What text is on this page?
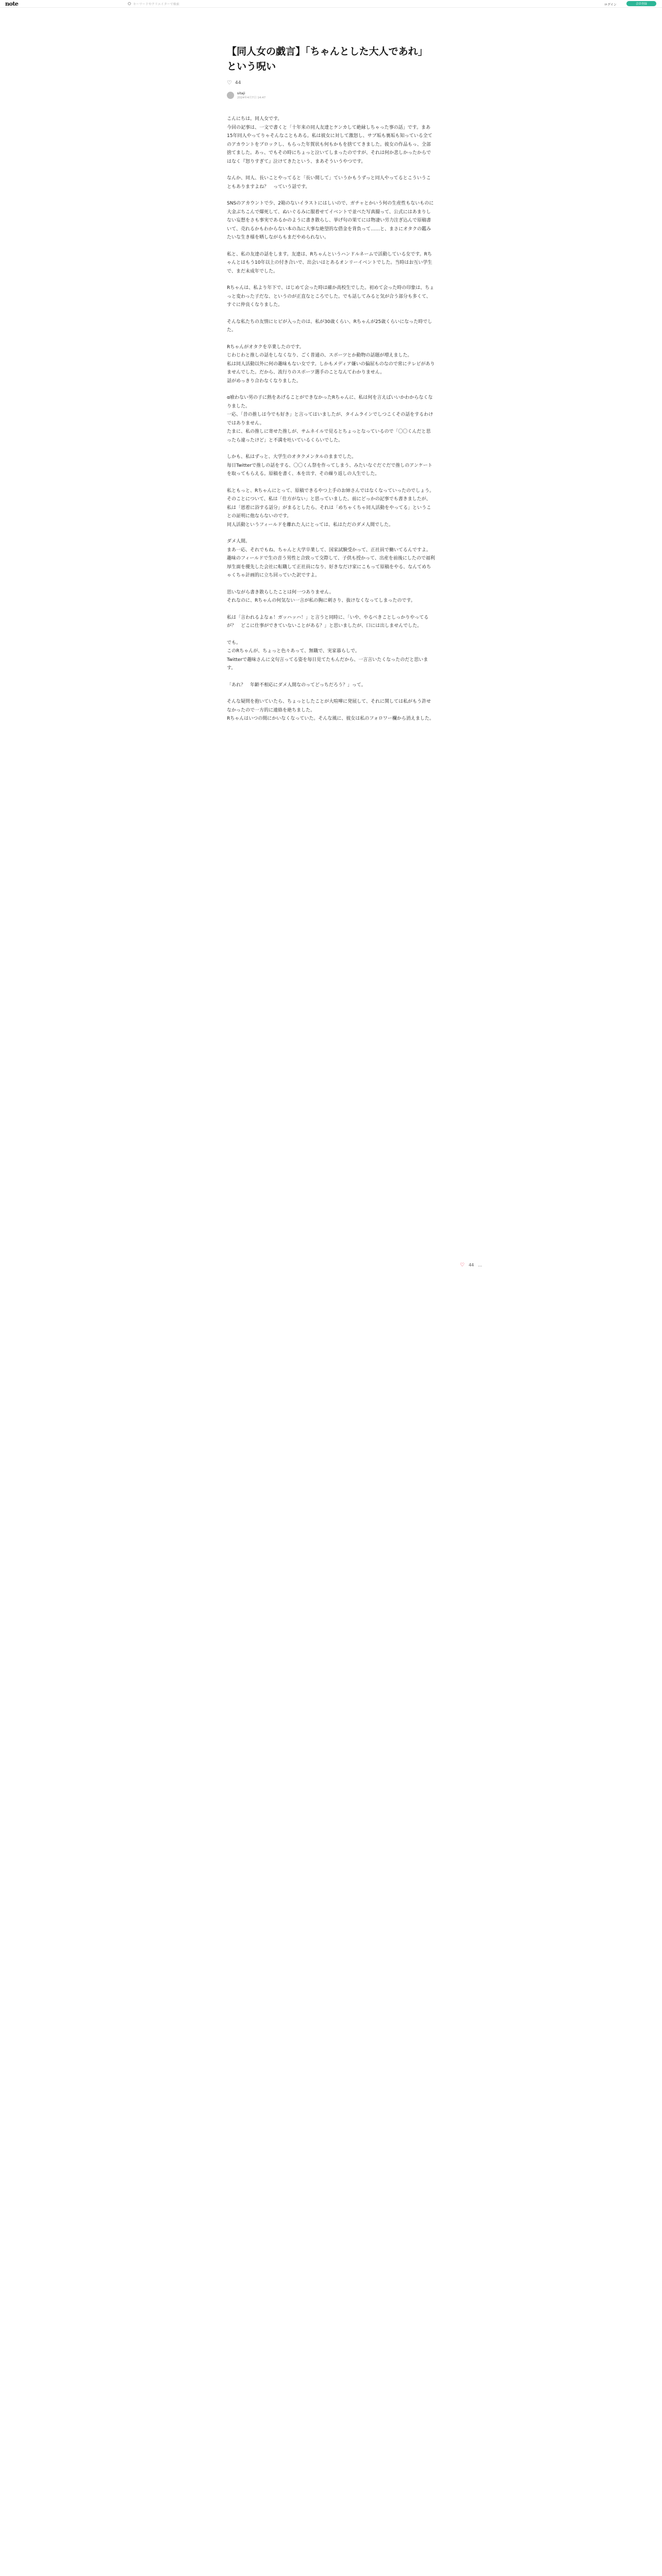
note	キーワードやクリエイターで検索	ログイン	会員登録
【同人女の戯言】「ちゃんとした大人であれ」という呪い
♡ 44
sitaji
2024年4月7日 14:47

こんにちは。同人女です。
今回の記事は、一文で書くと「十年来の同人友達とケンカして絶縁しちゃった事の話」です。まあ15年同人やってりゃそんなこともある。私は彼女に対して激怒し、サブ垢も裏垢も知っている全てのアカウントをブロックし、もらった年賀状も何もかもを捨ててきました。彼女の作品もっ、全部捨てました。あっ、でもその時にちょっと泣いてしまったのですが、それは何か悲しかったからではなく『怒りすぎて』泣けてきたという、まあそういうやつです。

なんか、同人、長いことやってると「長い間して」ていうかもうずっと同人やってるとこういうこともありますよね？　っていう話です。

SNSのアカウントで少、2箱のないイラストにはしいので、ガチャとかいう何の生産性もないものに大金ぶちこんで爆死して、ぬいぐるみに服着せてイベントで並べた写真撮って、公式にはあまりしない妄想をさも事実であるかのように書き散らし、挙げ句の果てには物凄い労力注ぎ込んで原稿書いて、売れるかもわからない本の為に大事な絶望的な借金を背負って……と、まさにオタクの鑑みたいな生き様を晒しながらもまだやめられない。

私と、私の友達の話をします。友達は、Rちゃんというハンドルネームで活動している女です。Rちゃんとはもう10年以上の付き合いで、出会いはとあるオンリーイベントでした。当時はお互い学生で、まだ未成年でした。

Rちゃんは、私より年下で、はじめて会った時は確か高校生でした。初めて会った時の印象は、ちょっと変わった子だな、というのが正直なところでした。でも話してみると気が合う部分も多くて、すぐに仲良くなりました。

そんな私たちの友情にヒビが入ったのは、私が30歳くらい、Rちゃんが25歳くらいになった時でした。

Rちゃんがオタクを卒業したのです。
じわじわと推しの話をしなくなり、ごく普通の、スポーツとか動物の話題が増えました。
私は同人活動以外に何の趣味もない女です。しかもメディア嫌いの偏屈ものなので常にテレビがありませんでした。だから、流行りのスポーツ選手のことなんてわかりません。
話がめっきり合わなくなりました。

α喰わない男の子に熱をあげることができなかったRちゃんに、私は何を言えばいいかわからなくなりました。
一応、「昔の推しは今でも好き」と言ってはいましたが、タイムラインでしつこくその話をするわけではありません。
たまに、私の推しに寄せた推しが、サムネイルで見るとちょっとなっているので「〇〇くんだと思ったら違ったけど」と不満を吐いているくらいでした。

しかも、私はずっと、大学生のオタクメンタルのままでした。
毎日Twitterで推しの話をする、〇〇くん祭を作ってしまう、みたいなぐだぐだで推しのアンケートを取ってもらえる。原稿を書く、本を出す、その繰り返しの人生でした。

私ともっと、Rちゃんにとって、原稿できるやつ上手のお姉さんではなくなっていったのでしょう。
そのことについて、私は「仕方がない」と思っていました。前にどっかの記事でも書きましたが、私は「恩着に浴する話分」がまるとしたら、それは「めちゃくちゃ同人活動をやってる」ということの証明に他ならないのです。
同人活動というフィールドを離れた人にとっては、私はただのダメ人間でした。

ダメ人間。
まあ一応、それでもね、ちゃんと大学卒業して、国家試験受かって、正社員で働いてるんですよ。趣味のフィールドで生の音う男性と合致って交際して、子供も授かって、出産を前後にしたので福利厚生面を優先した会社に転職して正社員になり、好きなだけ家にこもって原稿をやる、なんてめちゃくちゃ計画的に立ち回っていた訳ですよ。

思いながら書き散らしたことは何一つありません。
それなのに、Rちゃんの何気ない一言が私の胸に刺さり、抜けなくなってしまったのです。

私は「言われるよなぁ！ガッハッハ！」と言うと同時に、「いや、やるべきことしっかりやってるが？　どこに仕事ができていないことがある？」と思いましたが、口には出しませんでした。

でも。
このRちゃんが、ちょっと色々あって、無職で、実家暮らしで。
Twitterで趣味さんに文句言ってる姿を毎日見てたもんだから、一言言いたくなったのだと思います。

「あれ？　年齢不相応にダメ人間なのってどっちだろう？」って。

そんな疑問を抱いていたら、ちょっとしたことが大喧嘩に発展して、それに関しては私がもう許せなかったので一方的に連絡を絶ちました。
Rちゃんはいつの間にかいなくなっていた。そんな風に、彼女は私のフォロワー欄から消えました。

♡ 44 …
